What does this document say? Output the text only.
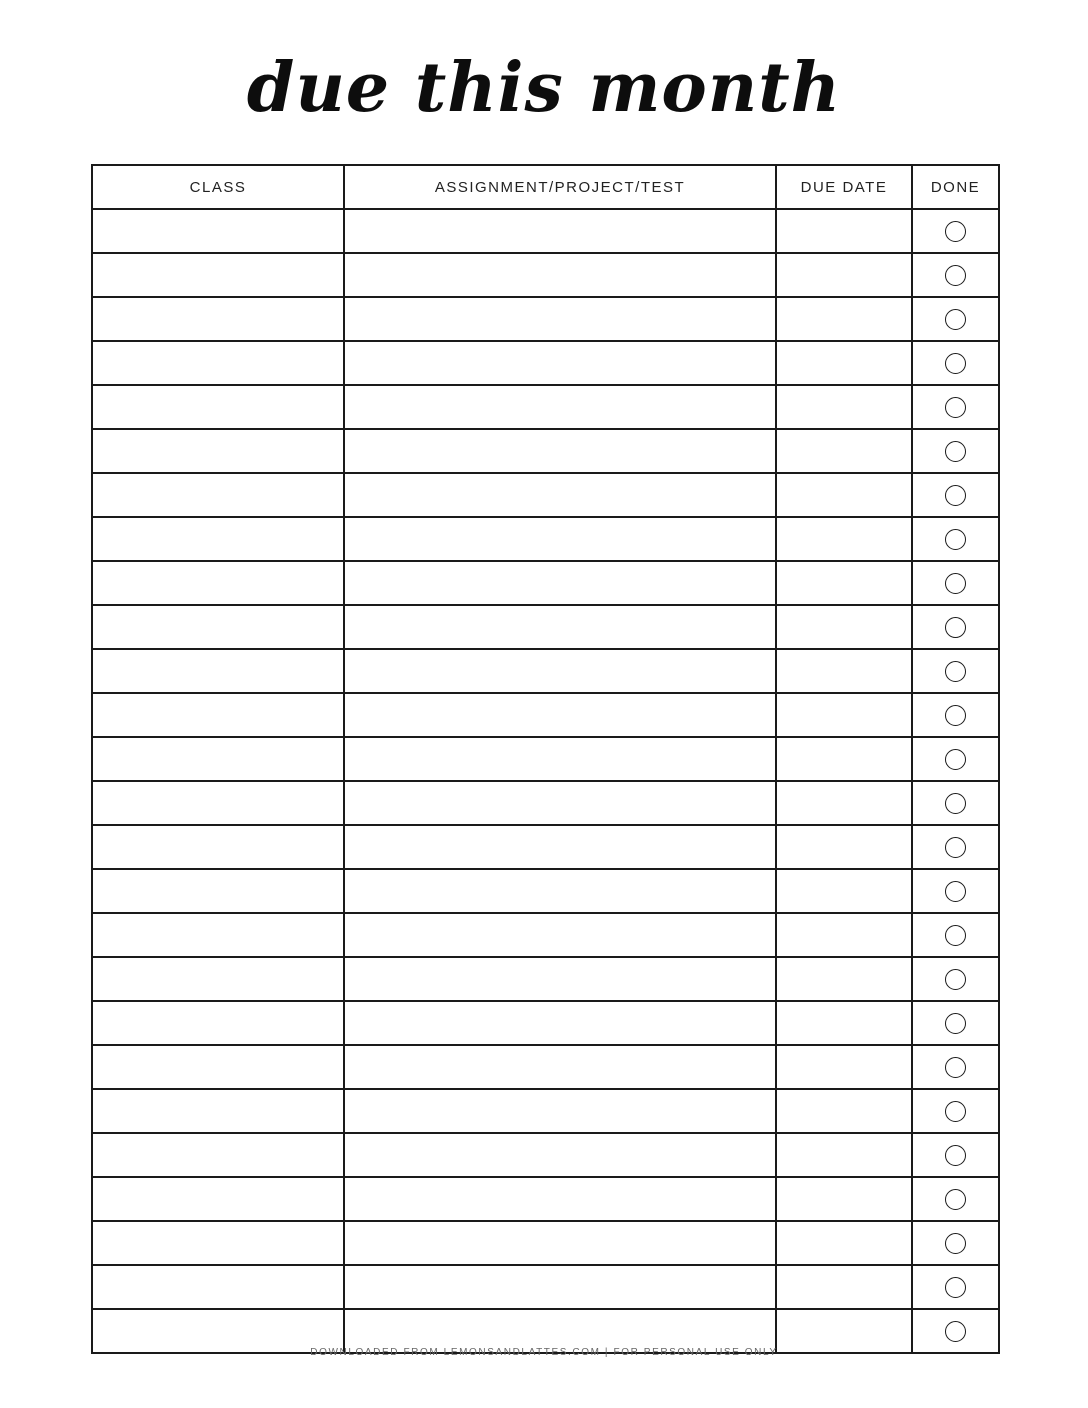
due this month
CLASS	ASSIGNMENT/PROJECT/TEST	DUE DATE	DONE

DOWNLOADED FROM LEMONSANDLATTES.COM | FOR PERSONAL USE ONLY
